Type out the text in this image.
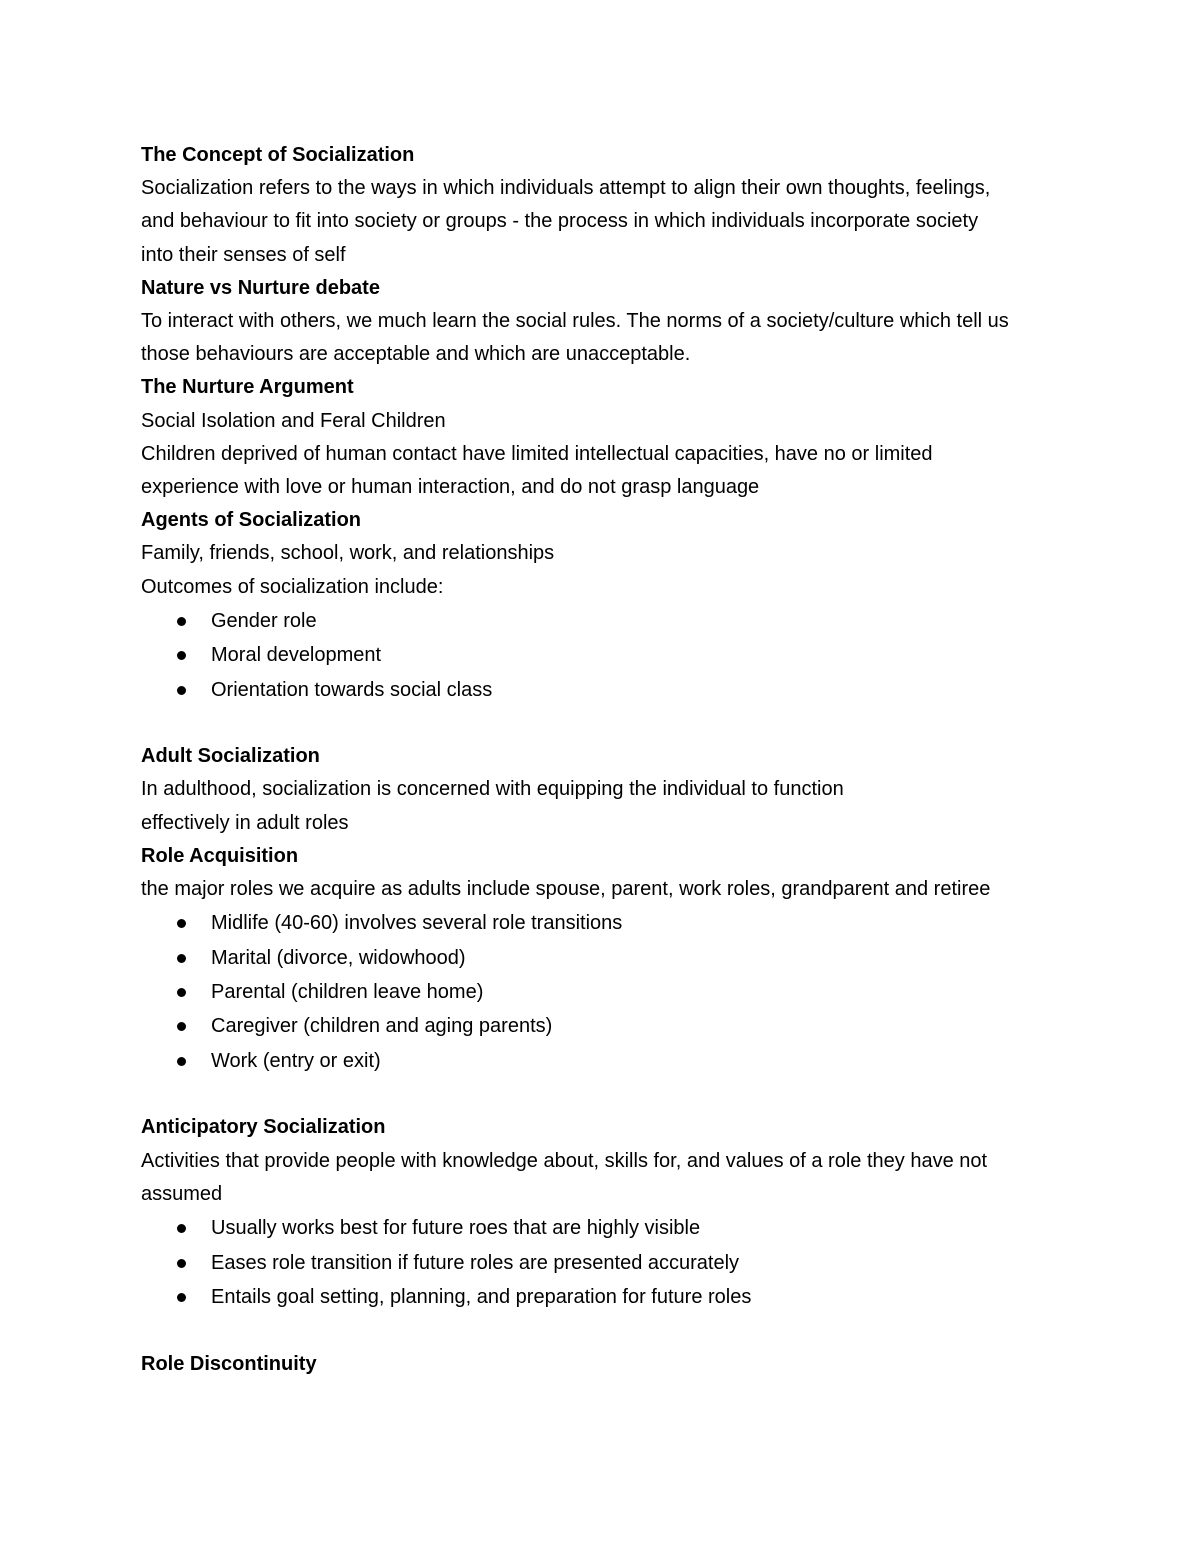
The Concept of Socialization

Socialization refers to the ways in which individuals attempt to align their own thoughts, feelings, and behaviour to fit into society or groups - the process in which individuals incorporate society into their senses of self

Nature vs Nurture debate

To interact with others, we much learn the social rules. The norms of a society/culture which tell us those behaviours are acceptable and which are unacceptable.

The Nurture Argument

Social Isolation and Feral Children

Children deprived of human contact have limited intellectual capacities, have no or limited experience with love or human interaction, and do not grasp language

Agents of Socialization

Family, friends, school, work, and relationships

Outcomes of socialization include:

Gender role
Moral development
Orientation towards social class

Adult Socialization

In adulthood, socialization is concerned with equipping the individual to function effectively in adult roles

Role Acquisition

the major roles we acquire as adults include spouse, parent, work roles, grandparent and retiree

Midlife (40-60) involves several role transitions
Marital (divorce, widowhood)
Parental (children leave home)
Caregiver (children and aging parents)
Work (entry or exit)

Anticipatory Socialization

Activities that provide people with knowledge about, skills for, and values of a role they have not assumed

Usually works best for future roes that are highly visible
Eases role transition if future roles are presented accurately
Entails goal setting, planning, and preparation for future roles

Role Discontinuity
